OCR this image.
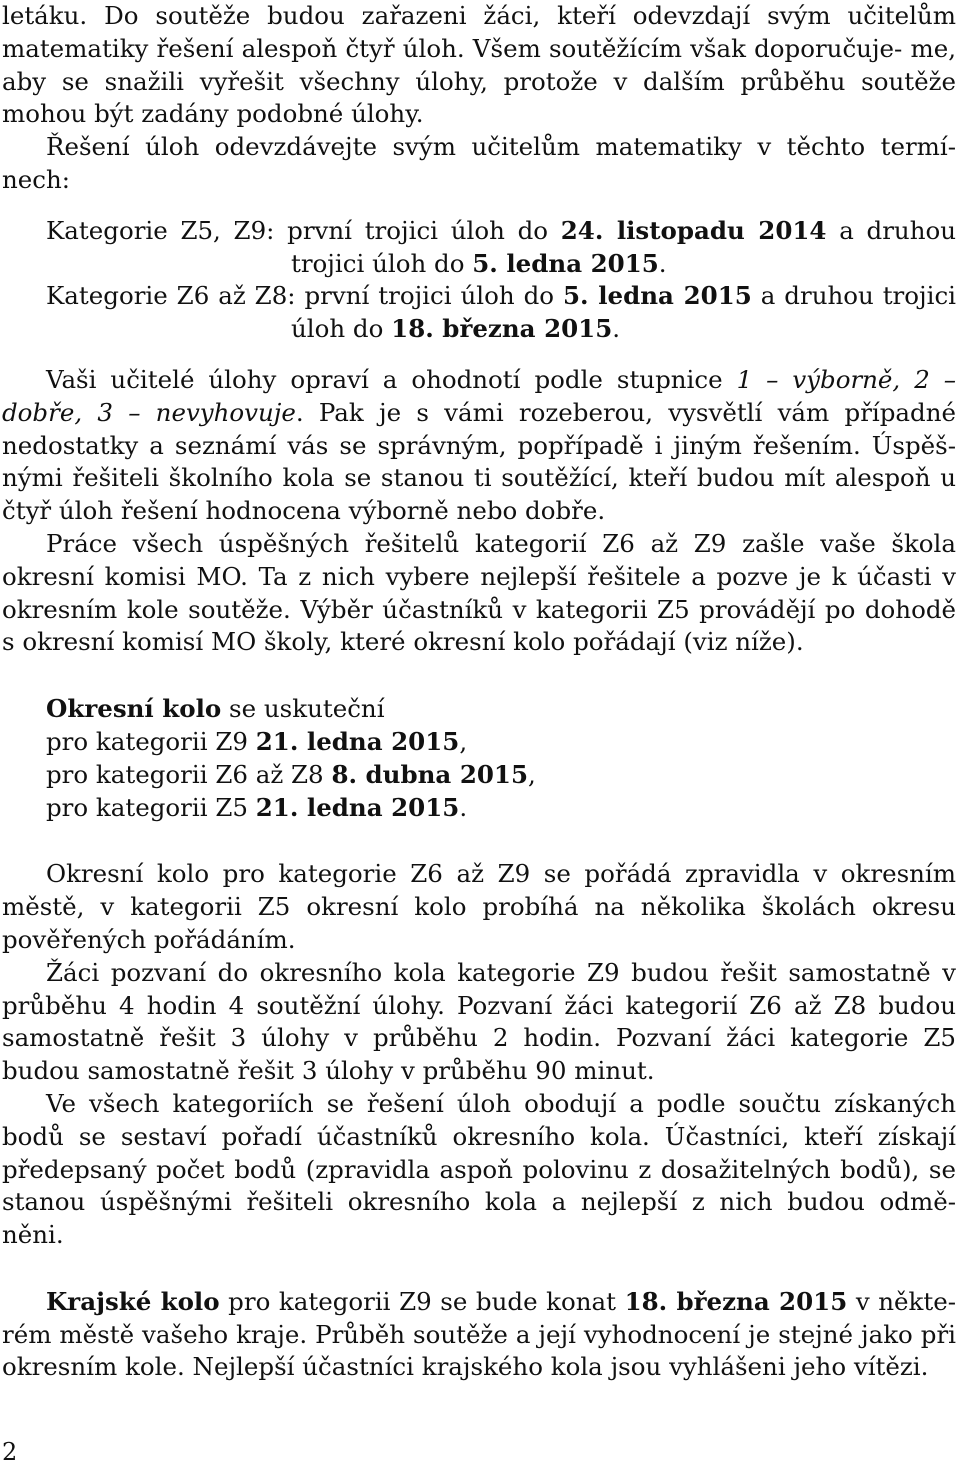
letáku. Do soutěže budou zařazeni žáci, kteří odevzdají svým učitelům matematiky řešení alespoň čtyř úloh. Všem soutěžícím však doporučuje- me, aby se snažili vyřešit všechny úlohy, protože v dalším průběhu soutěže mohou být zadány podobné úlohy.

Řešení úloh odevzdávejte svým učitelům matematiky v těchto termí- nech:

Kategorie Z5, Z9: první trojici úloh do 24. listopadu 2014 a druhou trojici úloh do 5. ledna 2015.
Kategorie Z6 až Z8: první trojici úloh do 5. ledna 2015 a druhou trojici úloh do 18. března 2015.

Vaši učitelé úlohy opraví a ohodnotí podle stupnice 1 – výborně, 2 – dobře, 3 – nevyhovuje. Pak je s vámi rozeberou, vysvětlí vám případné nedostatky a seznámí vás se správným, popřípadě i jiným řešením. Úspěš- nými řešiteli školního kola se stanou ti soutěžící, kteří budou mít alespoň u čtyř úloh řešení hodnocena výborně nebo dobře.

Práce všech úspěšných řešitelů kategorií Z6 až Z9 zašle vaše škola okresní komisi MO. Ta z nich vybere nejlepší řešitele a pozve je k účasti v okresním kole soutěže. Výběr účastníků v kategorii Z5 provádějí po dohodě s okresní komisí MO školy, které okresní kolo pořádají (viz níže).

Okresní kolo se uskuteční
pro kategorii Z9 21. ledna 2015,
pro kategorii Z6 až Z8 8. dubna 2015,
pro kategorii Z5 21. ledna 2015.

Okresní kolo pro kategorie Z6 až Z9 se pořádá zpravidla v okresním městě, v kategorii Z5 okresní kolo probíhá na několika školách okresu pověřených pořádáním.

Žáci pozvaní do okresního kola kategorie Z9 budou řešit samostatně v průběhu 4 hodin 4 soutěžní úlohy. Pozvaní žáci kategorií Z6 až Z8 budou samostatně řešit 3 úlohy v průběhu 2 hodin. Pozvaní žáci kategorie Z5 budou samostatně řešit 3 úlohy v průběhu 90 minut.

Ve všech kategoriích se řešení úloh obodují a podle součtu získaných bodů se sestaví pořadí účastníků okresního kola. Účastníci, kteří získají předepsaný počet bodů (zpravidla aspoň polovinu z dosažitelných bodů), se stanou úspěšnými řešiteli okresního kola a nejlepší z nich budou odmě- něni.

Krajské kolo pro kategorii Z9 se bude konat 18. března 2015 v někte- rém městě vašeho kraje. Průběh soutěže a její vyhodnocení je stejné jako při okresním kole. Nejlepší účastníci krajského kola jsou vyhlášeni jeho vítězi.

2
